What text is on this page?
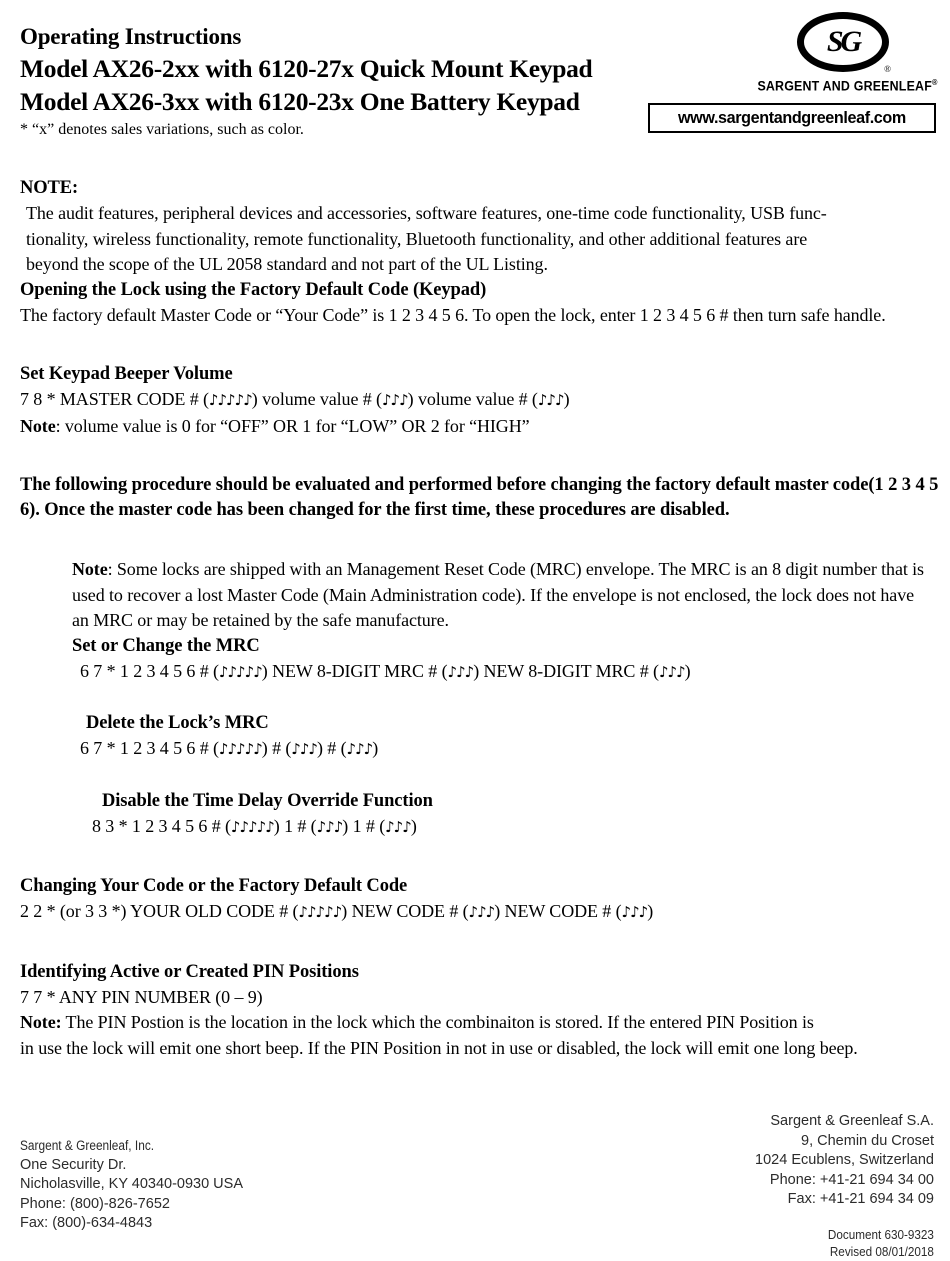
Operating Instructions
Model AX26-2xx with 6120-27x Quick Mount Keypad
Model AX26-3xx with 6120-23x One Battery Keypad
* “x” denotes sales variations, such as color.
SG
®
SARGENT AND GREENLEAF®
www.sargentandgreenleaf.com
NOTE:
The audit features, peripheral devices and accessories, software features, one-time code functionality, USB func-
tionality, wireless functionality, remote functionality, Bluetooth functionality, and other additional features are
beyond the scope of the UL 2058 standard and not part of the UL Listing.
Opening the Lock using the Factory Default Code (Keypad)
The factory default Master Code or “Your Code” is 1 2 3 4 5 6. To open the lock, enter 1 2 3 4 5 6 # then turn safe handle.
Set Keypad Beeper Volume
7 8 * MASTER CODE # (♪♪♪♪♪) volume value # (♪♪♪) volume value # (♪♪♪)
Note: volume value is 0 for “OFF” OR 1 for “LOW” OR 2 for “HIGH”
The following procedure should be evaluated and performed before changing the factory default master code(1 2 3 4 5 6). Once the master code has been changed for the first time, these procedures are disabled.
Note: Some locks are shipped with an Management Reset Code (MRC) envelope. The MRC is an 8 digit number that is used to recover a lost Master Code (Main Administration code). If the envelope is not enclosed, the lock does not have an MRC or may be retained by the safe manufacture.
Set or Change the MRC
6 7 * 1 2 3 4 5 6 # (♪♪♪♪♪) NEW 8-DIGIT MRC # (♪♪♪) NEW 8-DIGIT MRC # (♪♪♪)
Delete the Lock’s MRC
6 7 * 1 2 3 4 5 6 # (♪♪♪♪♪) # (♪♪♪) # (♪♪♪)
Disable the Time Delay Override Function
8 3 * 1 2 3 4 5 6 # (♪♪♪♪♪) 1 # (♪♪♪) 1 # (♪♪♪)
Changing Your Code or the Factory Default Code
2 2 * (or 3 3 *) YOUR OLD CODE # (♪♪♪♪♪) NEW CODE # (♪♪♪) NEW CODE # (♪♪♪)
Identifying Active or Created PIN Positions
7 7 * ANY PIN NUMBER (0 – 9)
Note: The PIN Postion is the location in the lock which the combinaiton is stored. If the entered PIN Position is in use the lock will emit one short beep. If the PIN Position in not in use or disabled, the lock will emit one long beep.
Sargent & Greenleaf, Inc.
One Security Dr.
Nicholasville, KY 40340-0930 USA
Phone: (800)-826-7652
Fax: (800)-634-4843
Sargent & Greenleaf S.A.
9, Chemin du Croset
1024 Ecublens, Switzerland
Phone: +41-21 694 34 00
Fax: +41-21 694 34 09
Document 630-9323
Revised 08/01/2018
